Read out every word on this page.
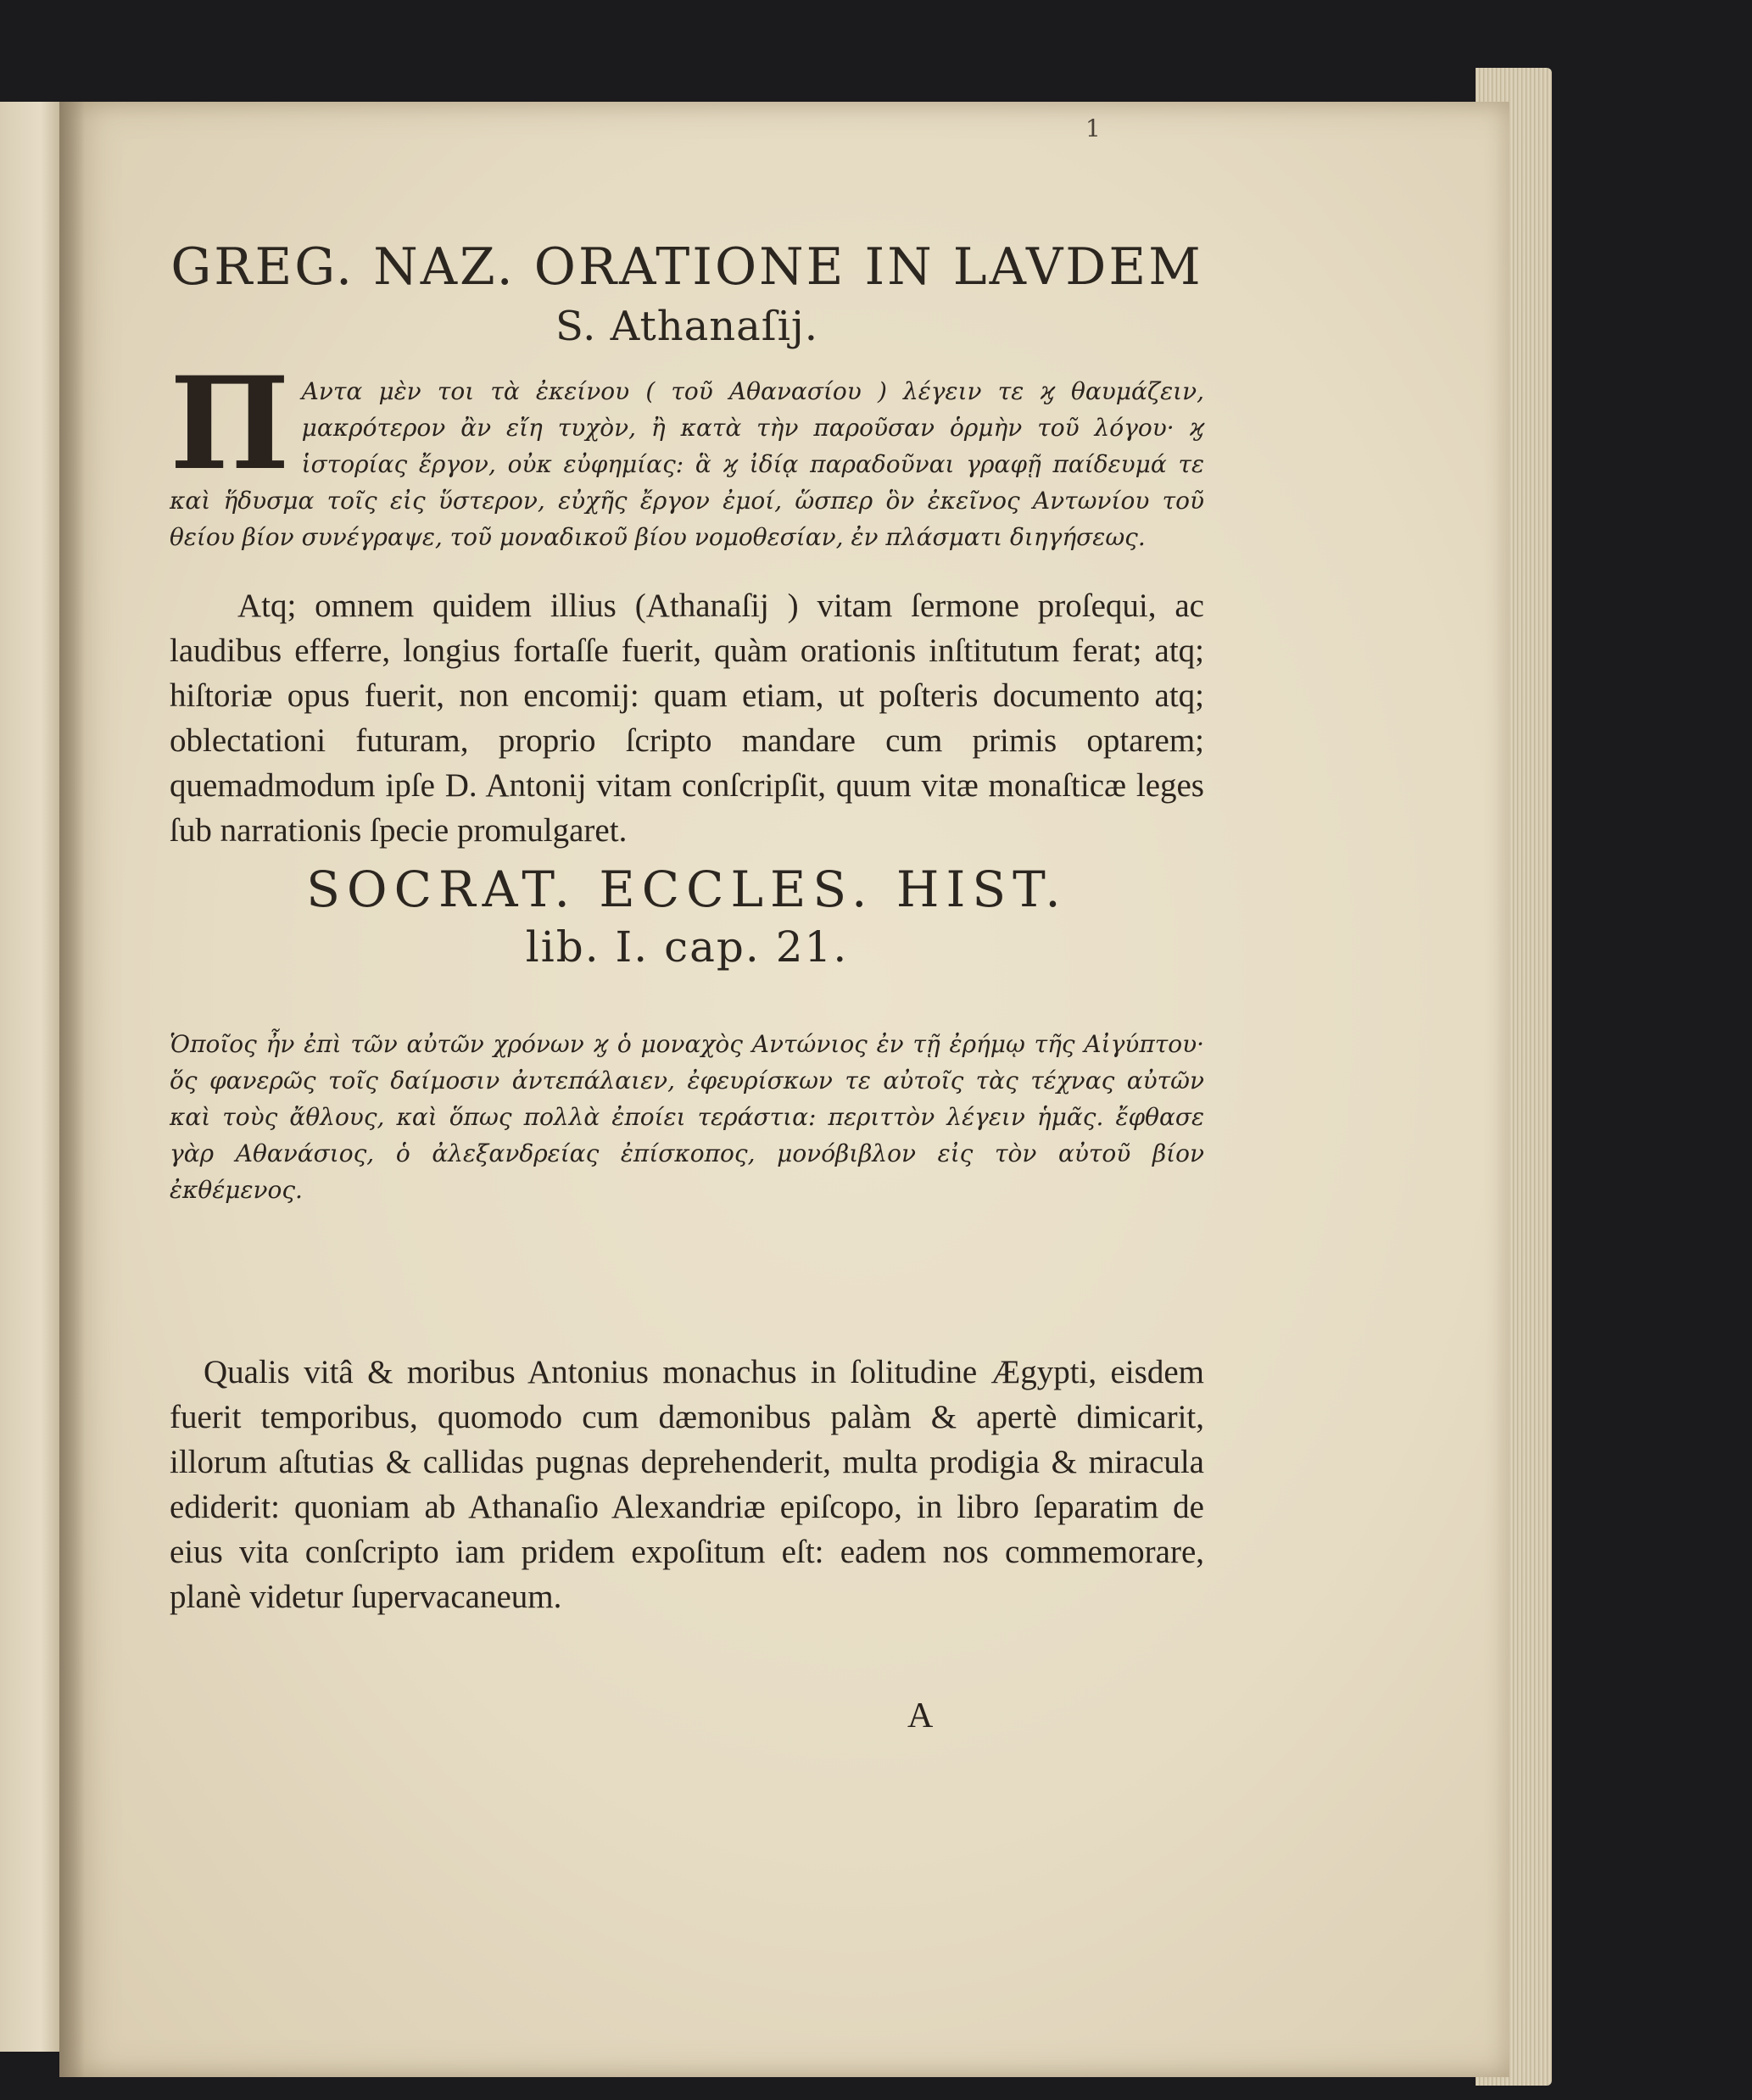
1
GREG. NAZ. ORATIONE IN LAVDEM
S. Athanaſij.
Π Αντα μὲν τοι τὰ ἐκείνου ( τοῦ Αθανασίου ) λέγειν τε ϗ θαυμάζειν, μακρότερον ἂν εἴη τυχὸν, ἢ κατὰ τὴν παροῦσαν ὁρμὴν τοῦ λόγου· ϗ ἱστορίας ἔργον, οὐκ εὐφημίας: ἃ ϗ ἰδίᾳ παραδοῦναι γραφῇ παίδευμά τε καὶ ἥδυσμα τοῖς εἰς ὕστερον, εὐχῆς ἔργον ἐμοί, ὥσπερ ὃν ἐκεῖνος Αντωνίου τοῦ θείου βίον συνέγραψε, τοῦ μοναδικοῦ βίου νομοθεσίαν, ἐν πλάσματι διηγήσεως.
Atq; omnem quidem illius (Athanaſij ) vitam ſermone proſequi, ac laudibus efferre, longius fortaſſe fuerit, quàm orationis inſtitutum ferat; atq; hiſtoriæ opus fuerit, non encomij: quam etiam, ut poſteris documento atq; oblectationi futuram, proprio ſcripto mandare cum primis optarem; quemadmodum ipſe D. Antonij vitam conſcripſit, quum vitæ monaſticæ leges ſub narrationis ſpecie promulgaret.
SOCRAT. ECCLES. HIST.
lib. I. cap. 21.
Ὁποῖος ἦν ἐπὶ τῶν αὐτῶν χρόνων ϗ ὁ μοναχὸς Αντώνιος ἐν τῇ ἐρήμῳ τῆς Αἰγύπτου· ὅς φανερῶς τοῖς δαίμοσιν ἀντεπάλαιεν, ἐφευρίσκων τε αὐτοῖς τὰς τέχνας αὐτῶν καὶ τοὺς ἄθλους, καὶ ὅπως πολλὰ ἐποίει τεράστια: περιττὸν λέγειν ἡμᾶς. ἔφθασε γὰρ Αθανάσιος, ὁ ἀλεξανδρείας ἐπίσκοπος, μονόβιβλον εἰς τὸν αὐτοῦ βίον ἐκθέμενος.
Qualis vitâ & moribus Antonius monachus in ſolitudine Ægypti, eisdem fuerit temporibus, quomodo cum dæmonibus palàm & apertè dimicarit, illorum aſtutias & callidas pugnas deprehenderit, multa prodigia & miracula ediderit: quoniam ab Athanaſio Alexandriæ epiſcopo, in libro ſeparatim de eius vita conſcripto iam pridem expoſitum eſt: eadem nos commemorare, planè videtur ſupervacaneum.
A
